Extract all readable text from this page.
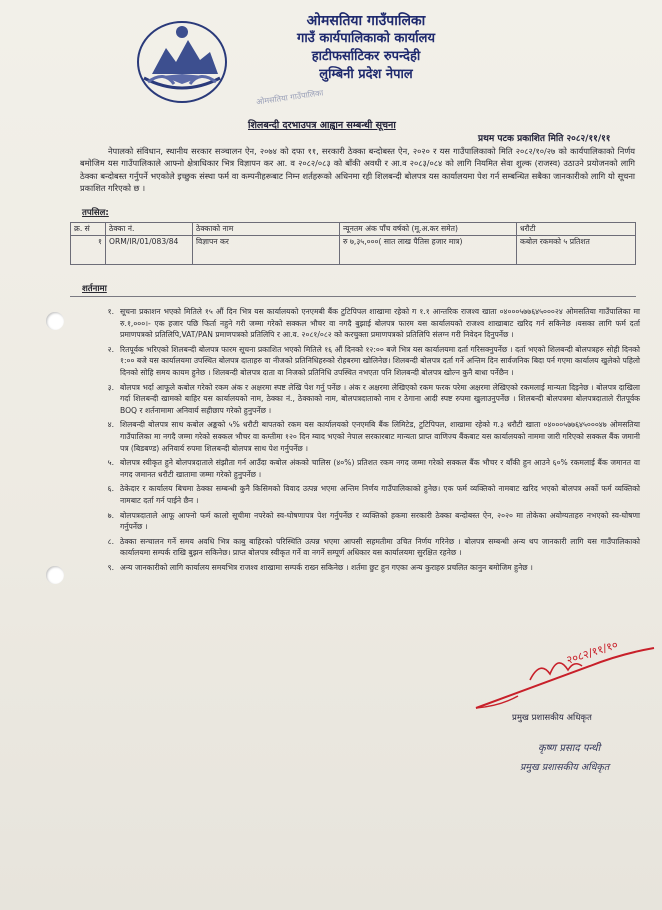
ओमसतिया गाउँपालिका
गाउँ कार्यपालिकाको कार्यालय
हाटीफर्साटिकर रुपन्देही
लुम्बिनी प्रदेश नेपाल
ओमसतिया गाउँपालिका
शिलबन्दी दरभाउपत्र आह्वान सम्बन्धी सूचना
प्रथम पटक प्रकाशित मिति २०८२/११/११
नेपालको संविधान, स्थानीय सरकार सञ्चालन ऐन, २०७४ को दफा ११, सरकारी ठेक्का बन्दोबस्त ऐन, २०२० र यस गाउँपालिकाको मिति २०८२/१०/२७ को कार्यपालिकाको निर्णय बमोजिम यस गाउँपालिकाले आफ्नो क्षेत्राधिकार भित्र विज्ञापन कर आ. व २०८२/०८३ को बाँकी अवधी र आ.व २०८३/०८४ को लागि नियमित सेवा शुल्क (राजस्व) उठाउने प्रयोजनको लागि ठेक्का बन्दोबस्त गर्नुपर्ने भएकोले इच्छुक संस्था फर्म वा कम्पनीहरूबाट निम्न शर्तहरूको अधिनमा रही शिलबन्दी बोलपत्र यस कार्यालयमा पेश गर्न सम्बन्धित सबैका जानकारीको लागि यो सूचना प्रकाशित गरिएको छ ।
तपसिल:
क्र. सं	ठेक्का नं.	ठेक्काको नाम	न्यूनतम अंक पाँच वर्षको (मू.अ.कर समेत)	धरौटी
१	ORM/IR/01/083/84	विज्ञापन कर	रु ७,३५,०००( सात लाख पैतिस हजार मात्र)	कबोल रकमको ५ प्रतिशत
शर्तनामा
१. सूचना प्रकाशन भएको मितिले १५ औं दिन भित्र यस कार्यालयको एनएमबी बैंक टुटिपिपल शाखामा रहेको ग १.१ आन्तरिक राजश्व खाता ०४०००५७७६४५०००२४ ओमसतिया गाउँपालिका मा रु.१,०००।- एक हजार पछि फिर्ता नहुने गरी जम्मा गरेको सक्कल भौचर वा नगदै बुझाई बोलपत्र फारम यस कार्यालयको राजश्व शाखाबाट खरिद गर्न सकिनेछ ।यसका लागि फर्म दर्ता प्रमाणपत्रको प्रतिलिपि,VAT/PAN प्रमाणपत्रको प्रतिलिपि र आ.व. २०८१/०८२ को करचुक्ता प्रमाणपत्रको प्रतिलिपि संलग्न गरी निवेदन दिनुपर्नेछ ।
२. रितपूर्वक भरिएको शिलबन्दी बोलपत्र फारम सूचना प्रकाशित भएको मितिले १६ औं दिनको १२:०० बजे भित्र यस कार्यालयमा दर्ता गरिसक्नुपर्नेछ । दर्ता भएको शिलबन्दी बोलपत्रहरु सोही दिनको १:०० बजे यस कार्यालयमा उपस्थित बोलपत्र दाताहरु वा नीजको प्रतिनिधिहरुको रोहबरमा खोलिनेछ। शिलबन्दी बोलपत्र दर्ता गर्ने अन्तिम दिन सार्वजनिक बिदा पर्न गएमा कार्यालय खुलेको पहिलो दिनको सोहि समय कायम हुनेछ । शिलबन्दी बोलपत्र दाता वा निजको प्रतिनिधि उपस्थित नभएता पनि शिलबन्दी बोलपत्र खोल्न कुनै बाधा पर्नेछैन ।
३. बोलपत्र भर्दा आफूले कबोल गरेको रकम अंक र अक्षरमा स्पष्ट लेखि पेश गर्नु पर्नेछ । अंक र अक्षरमा लेखिएको रकम फरक परेमा अक्षरमा लेखिएको रकमलाई मान्यता दिइनेछ । बोलपत्र दाखिला गर्दा शिलबन्दी खामको बाहिर यस कार्यालयको नाम, ठेक्का नं., ठेक्काको नाम, बोलपत्रदाताको नाम र ठेगाना आदी स्पष्ट रुपमा खुलाउनुपर्नेछ । शिलबन्दी बोलपत्रमा बोलपत्रदाताले रीतपूर्वक BOQ र शर्तनामामा अनिवार्य सहीछाप गरेको हुनुपर्नेछ ।
४. शिलबन्दी बोलपत्र साथ कबोल अङ्कको ५% धरौटी बापतको रकम यस कार्यालयको एनएमबि बैंक लिमिटेड, टुटिपिपल, शाखामा रहेको ग.३ धरौटी खाता ०४०००५७७६४५०००४७ ओमसतिया गाउँपालिका मा नगदै जम्मा गरेको सक्कल भौचर वा कम्तीमा १२० दिन म्याद भएको नेपाल सरकारबाट मान्यता प्राप्त वाणिज्य बैंकबाट यस कार्यालयको नाममा जारी गरिएको सक्कल बैंक जमानी पत्र (बिडबण्ड) अनिवार्य रुपमा शिलबन्दी बोलपत्र साथ पेश गर्नुपर्नेछ ।
५. बोलपत्र स्वीकृत हुने बोलपत्रदाताले संझौता गर्न आउँदा कबोल अंकको चालिस (४०%) प्रतिशत रकम नगद जम्मा गरेको सक्कल बैंक भौचर र बाँकी हुन आउने ६०% रकमलाई बैंक जमानत वा नगद जमानत धरौटी खातामा जम्मा गरेको हुनुपर्नेछ ।
६. ठेकेदार र कार्यालय बिचमा ठेक्का सम्बन्धी कुनै किसिमको विवाद उत्पन्न भएमा अन्तिम निर्णय गाउँपालिकाको हुनेछ। एक फर्म व्यक्तिको नामबाट खरिद भएको बोलपत्र अर्को फर्म व्यक्तिको नामबाट दर्ता गर्न पाईने छैन ।
७. बोलपत्रदाताले आफू आफ्नो फर्म कालो सूचीमा नपरेको स्व-घोषणापत्र पेश गर्नुपर्नेछ र व्यक्तिको हकमा सरकारी ठेक्का बन्दोबस्त ऐन, २०२० मा तोकेका अयोग्यताहरु नभएको स्व-घोषणा गर्नुपर्नेछ ।
८. ठेक्का सन्चालन गर्ने समय अवधि भित्र काबु बाहिरको परिस्थिति उत्पन्न भएमा आपसी सहमतीमा उचित निर्णय गरिनेछ । बोलपत्र सम्बन्धी अन्य थप जानकारी लागि यस गाउँपालिकाको कार्यालयमा सम्पर्क राखि बुझन सकिनेछ। प्राप्त बोलपत्र स्वीकृत गर्ने वा नगर्ने सम्पूर्ण अधिकार यस कार्यालयमा सुरक्षित रहनेछ ।
९. अन्य जानकारीको लागि कार्यालय समयभित्र राजश्व शाखामा सम्पर्क राख्न सकिनेछ । शर्तमा छुट हुन गएका अन्य कुराहरु प्रचलित कानुन बमोजिम हुनेछ ।
२०८२/११/१०
प्रमुख प्रशासकीय अधिकृत
कृष्ण प्रसाद पन्थी
प्रमुख प्रशासकीय अधिकृत
